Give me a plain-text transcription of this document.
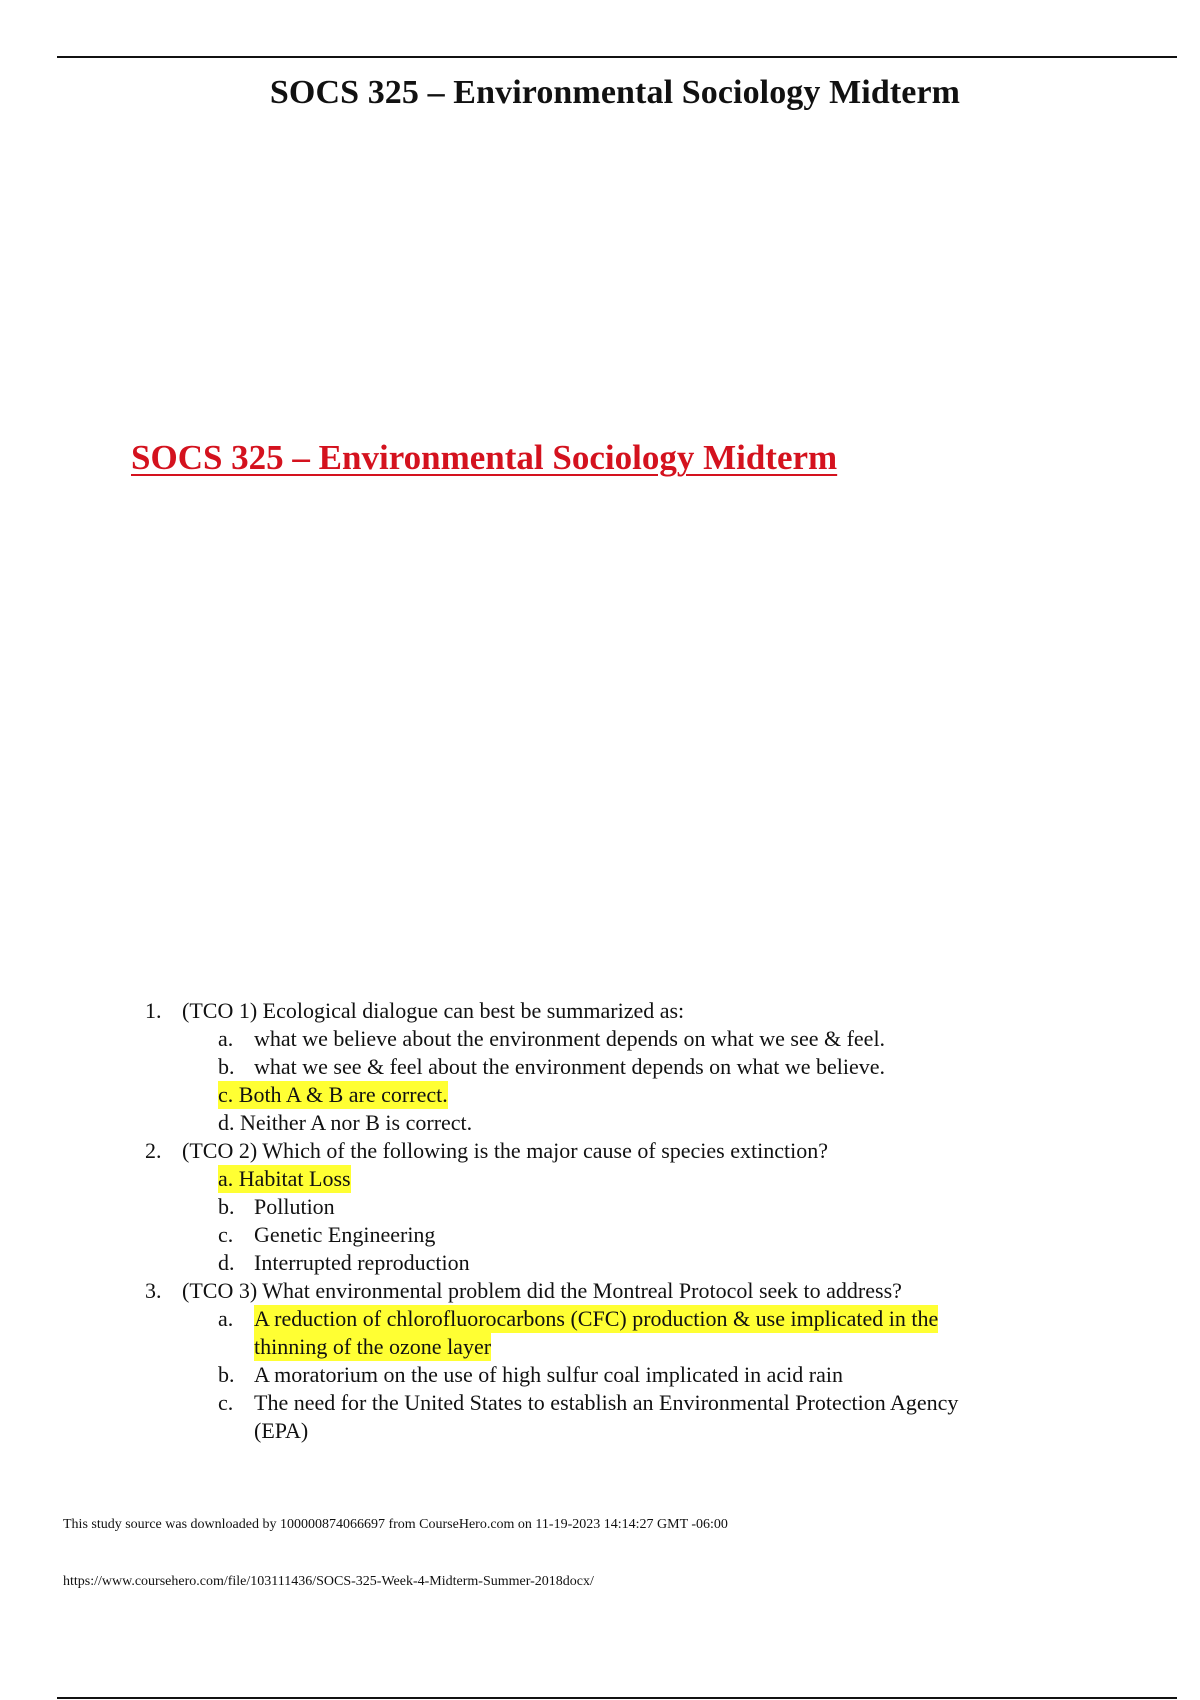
SOCS 325 – Environmental Sociology Midterm
SOCS 325 – Environmental Sociology Midterm
1. (TCO 1) Ecological dialogue can best be summarized as:
a. what we believe about the environment depends on what we see & feel.
b. what we see & feel about the environment depends on what we believe.
c. Both A & B are correct.
d. Neither A nor B is correct.
2. (TCO 2) Which of the following is the major cause of species extinction?
a. Habitat Loss
b. Pollution
c. Genetic Engineering
d. Interrupted reproduction
3. (TCO 3) What environmental problem did the Montreal Protocol seek to address?
a. A reduction of chlorofluorocarbons (CFC) production & use implicated in the
thinning of the ozone layer
b. A moratorium on the use of high sulfur coal implicated in acid rain
c. The need for the United States to establish an Environmental Protection Agency
(EPA)
This study source was downloaded by 100000874066697 from CourseHero.com on 11-19-2023 14:14:27 GMT -06:00
https://www.coursehero.com/file/103111436/SOCS-325-Week-4-Midterm-Summer-2018docx/
